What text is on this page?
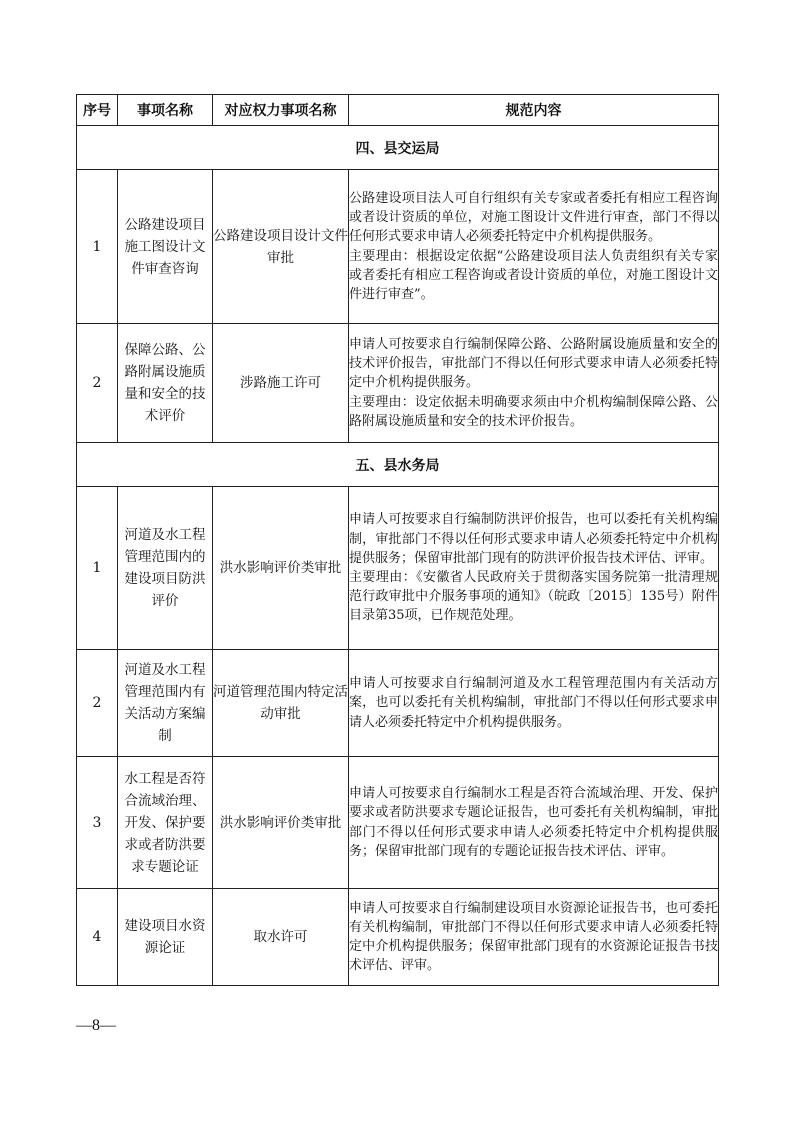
序号	事项名称	对应权力事项名称	规范内容
四、县交运局			
1	公路建设项目施工图设计文件审查咨询	公路建设项目设计文件审批	公路建设项目法人可自行组织有关专家或者委托有相应工程咨询或者设计资质的单位，对施工图设计文件进行审查，部门不得以任何形式要求申请人必须委托特定中介机构提供服务。

主要理由：根据设定依据“公路建设项目法人负责组织有关专家或者委托有相应工程咨询或者设计资质的单位，对施工图设计文件进行审查”。

2	保障公路、公路附属设施质量和安全的技术评价	涉路施工许可	申请人可按要求自行编制保障公路、公路附属设施质量和安全的技术评价报告，审批部门不得以任何形式要求申请人必须委托特定中介机构提供服务。

主要理由：设定依据未明确要求须由中介机构编制保障公路、公路附属设施质量和安全的技术评价报告。

五、县水务局			
1	河道及水工程管理范围内的建设项目防洪评价	洪水影响评价类审批	申请人可按要求自行编制防洪评价报告，也可以委托有关机构编制，审批部门不得以任何形式要求申请人必须委托特定中介机构提供服务；保留审批部门现有的防洪评价报告技术评估、评审。

主要理由：《安徽省人民政府关于贯彻落实国务院第一批清理规范行政审批中介服务事项的通知》（皖政〔2015〕135号）附件目录第35项，已作规范处理。

2	河道及水工程管理范围内有关活动方案编制	河道管理范围内特定活动审批	申请人可按要求自行编制河道及水工程管理范围内有关活动方案，也可以委托有关机构编制，审批部门不得以任何形式要求申请人必须委托特定中介机构提供服务。

3	水工程是否符合流域治理、开发、保护要求或者防洪要求专题论证	洪水影响评价类审批	申请人可按要求自行编制水工程是否符合流域治理、开发、保护要求或者防洪要求专题论证报告，也可委托有关机构编制，审批部门不得以任何形式要求申请人必须委托特定中介机构提供服务；保留审批部门现有的专题论证报告技术评估、评审。

4	建设项目水资源论证	取水许可	申请人可按要求自行编制建设项目水资源论证报告书，也可委托有关机构编制，审批部门不得以任何形式要求申请人必须委托特定中介机构提供服务；保留审批部门现有的水资源论证报告书技术评估、评审。

—8—
